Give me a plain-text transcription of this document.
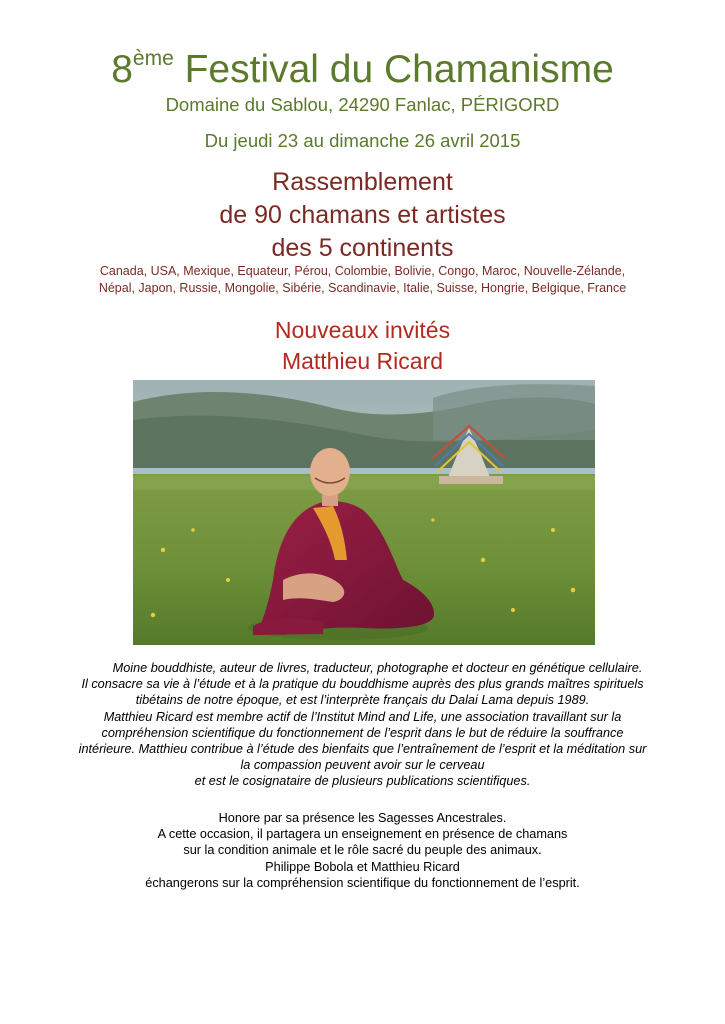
8ème Festival du Chamanisme
Domaine du Sablou, 24290 Fanlac, PÉRIGORD
Du jeudi 23 au dimanche 26 avril 2015
Rassemblement
de 90 chamans et artistes
des 5 continents
Canada, USA, Mexique, Equateur, Pérou, Colombie, Bolivie, Congo, Maroc, Nouvelle-Zélande,
Népal, Japon, Russie, Mongolie, Sibérie, Scandinavie, Italie, Suisse, Hongrie, Belgique, France
Nouveaux invités
Matthieu Ricard
Moine bouddhiste, auteur de livres, traducteur, photographe et docteur en génétique cellulaire.
Il consacre sa vie à l’étude et à la pratique du bouddhisme auprès des plus grands maîtres spirituels
tibétains de notre époque, et est l’interprète français du Dalai Lama depuis 1989.
Matthieu Ricard est membre actif de l’Institut Mind and Life, une association travaillant sur la
compréhension scientifique du fonctionnement de l’esprit dans le but de réduire la souffrance
intérieure. Matthieu contribue à l’étude des bienfaits que l’entraînement de l’esprit et la méditation sur
la compassion peuvent avoir sur le cerveau
et est le cosignataire de plusieurs publications scientifiques.
Honore par sa présence les Sagesses Ancestrales.
A cette occasion, il partagera un enseignement en présence de chamans
sur la condition animale et le rôle sacré du peuple des animaux.
Philippe Bobola et Matthieu Ricard
échangerons sur la compréhension scientifique du fonctionnement de l’esprit.
